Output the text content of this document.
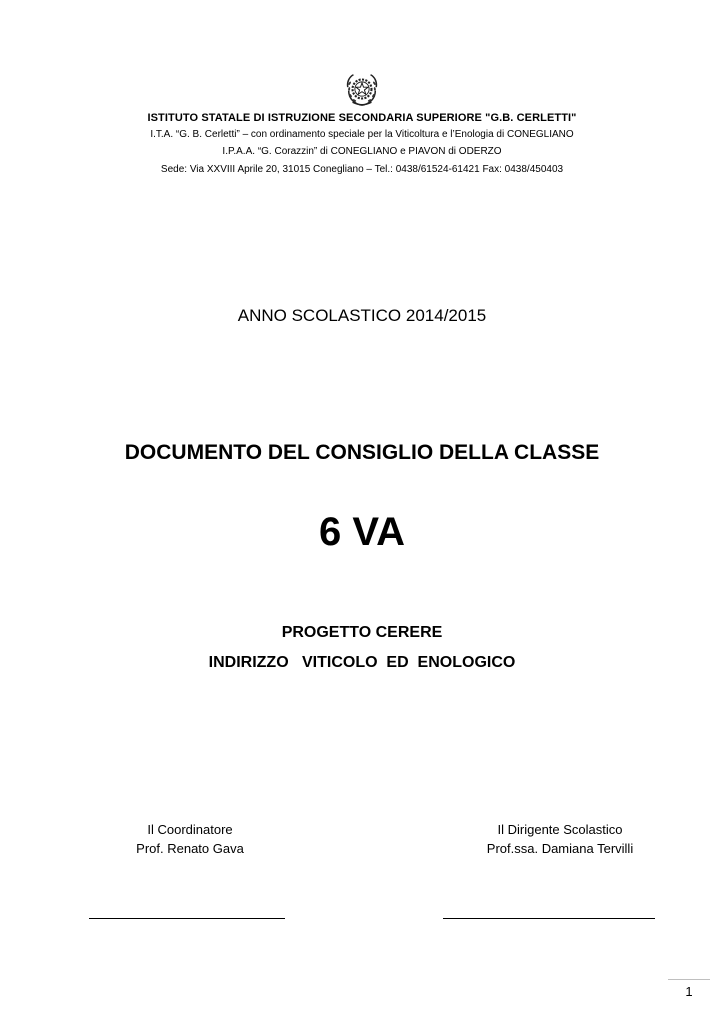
ISTITUTO STATALE DI ISTRUZIONE SECONDARIA SUPERIORE "G.B. CERLETTI"
I.T.A. “G. B. Cerletti” – con ordinamento speciale per la Viticoltura e l’Enologia di CONEGLIANO
I.P.A.A. “G. Corazzin” di CONEGLIANO e PIAVON di ODERZO
Sede: Via XXVIII Aprile 20, 31015 Conegliano – Tel.: 0438/61524-61421 Fax: 0438/450403
ANNO SCOLASTICO 2014/2015
DOCUMENTO DEL CONSIGLIO DELLA CLASSE
6 VA
PROGETTO CERERE
INDIRIZZO   VITICOLO  ED  ENOLOGICO
Il Coordinatore
Prof. Renato Gava
Il Dirigente Scolastico
Prof.ssa. Damiana Tervilli
1
